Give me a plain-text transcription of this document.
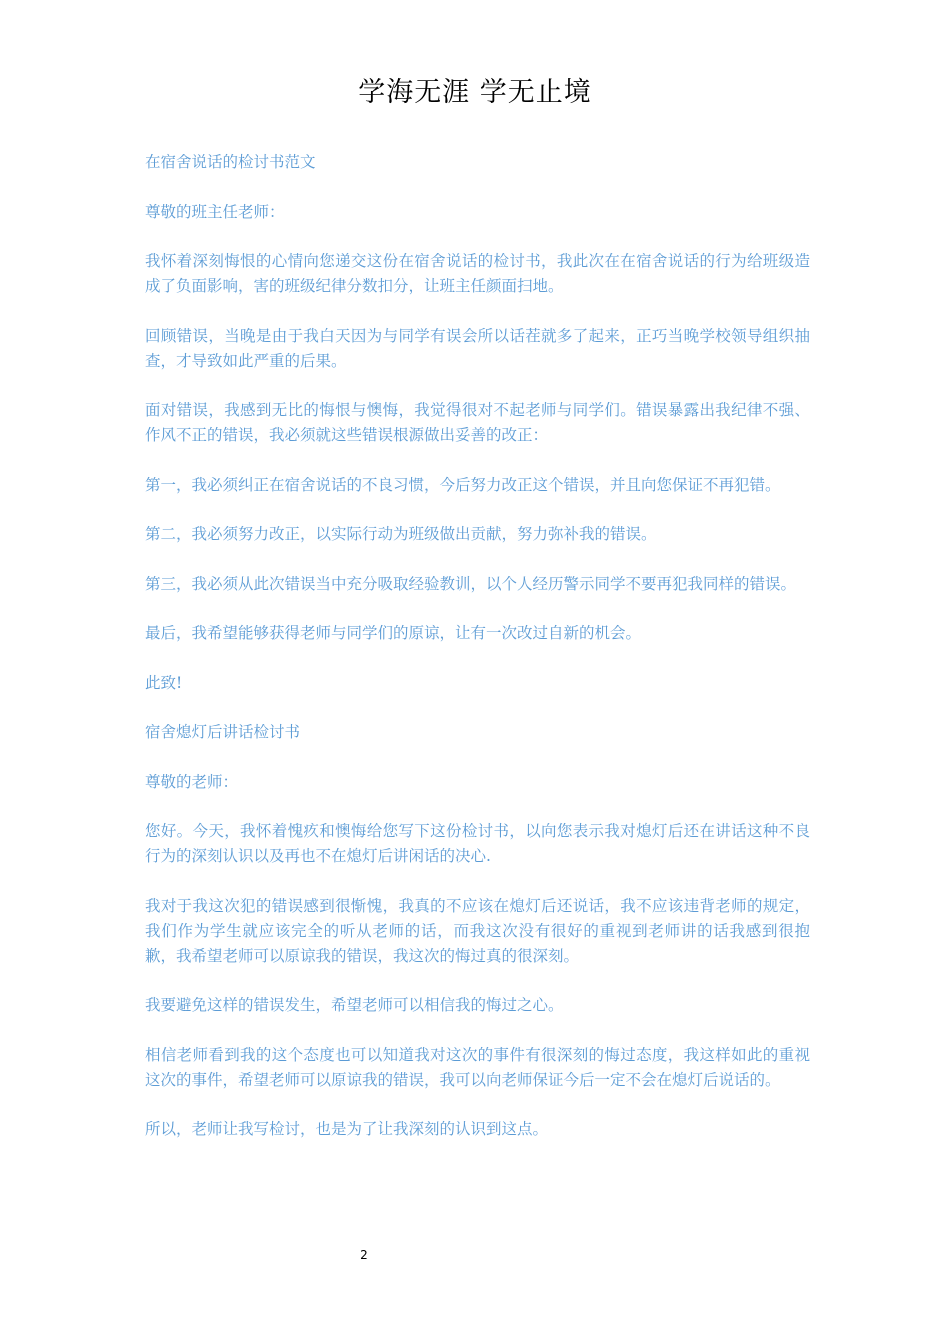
学海无涯 学无止境

在宿舍说话的检讨书范文

尊敬的班主任老师：

我怀着深刻悔恨的心情向您递交这份在宿舍说话的检讨书，我此次在在宿舍说话的行为给班级造成了负面影响，害的班级纪律分数扣分，让班主任颜面扫地。

回顾错误，当晚是由于我白天因为与同学有误会所以话茬就多了起来，正巧当晚学校领导组织抽查，才导致如此严重的后果。

面对错误，我感到无比的悔恨与懊悔，我觉得很对不起老师与同学们。错误暴露出我纪律不强、作风不正的错误，我必须就这些错误根源做出妥善的改正：

第一，我必须纠正在宿舍说话的不良习惯，今后努力改正这个错误，并且向您保证不再犯错。

第二，我必须努力改正，以实际行动为班级做出贡献，努力弥补我的错误。

第三，我必须从此次错误当中充分吸取经验教训，以个人经历警示同学不要再犯我同样的错误。

最后，我希望能够获得老师与同学们的原谅，让有一次改过自新的机会。

此致!

宿舍熄灯后讲话检讨书

尊敬的老师：

您好。今天，我怀着愧疚和懊悔给您写下这份检讨书，以向您表示我对熄灯后还在讲话这种不良行为的深刻认识以及再也不在熄灯后讲闲话的决心.

我对于我这次犯的错误感到很惭愧，我真的不应该在熄灯后还说话，我不应该违背老师的规定，我们作为学生就应该完全的听从老师的话，而我这次没有很好的重视到老师讲的话我感到很抱歉，我希望老师可以原谅我的错误，我这次的悔过真的很深刻。

我要避免这样的错误发生，希望老师可以相信我的悔过之心。

相信老师看到我的这个态度也可以知道我对这次的事件有很深刻的悔过态度，我这样如此的重视这次的事件，希望老师可以原谅我的错误，我可以向老师保证今后一定不会在熄灯后说话的。

所以，老师让我写检讨，也是为了让我深刻的认识到这点。

2
